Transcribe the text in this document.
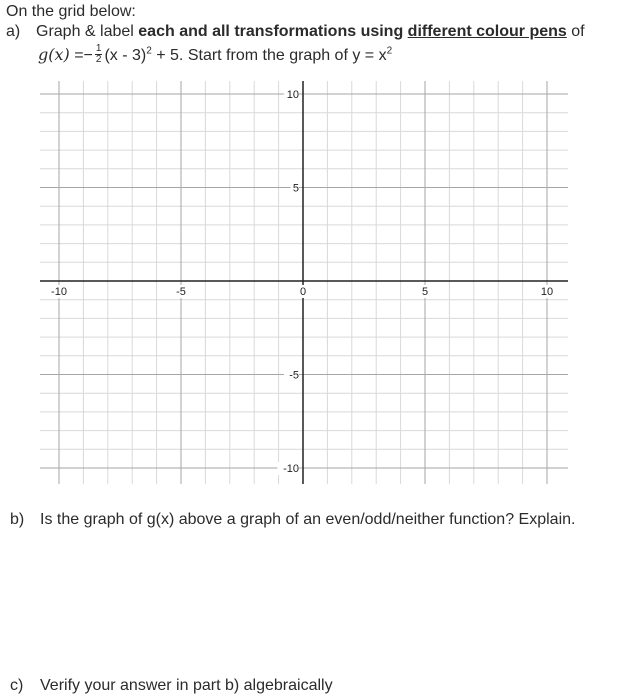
On the grid below:
a) Graph & label each and all transformations using different colour pens of
$g(x) =- \frac{1}{2} (x - 3)^2 + 5$. Start from the graph of $y = x^2$
-10	-5	0	5	10
10
5
-5
-10
b) Is the graph of g(x) above a graph of an even/odd/neither function? Explain.
c) Verify your answer in part b) algebraically
